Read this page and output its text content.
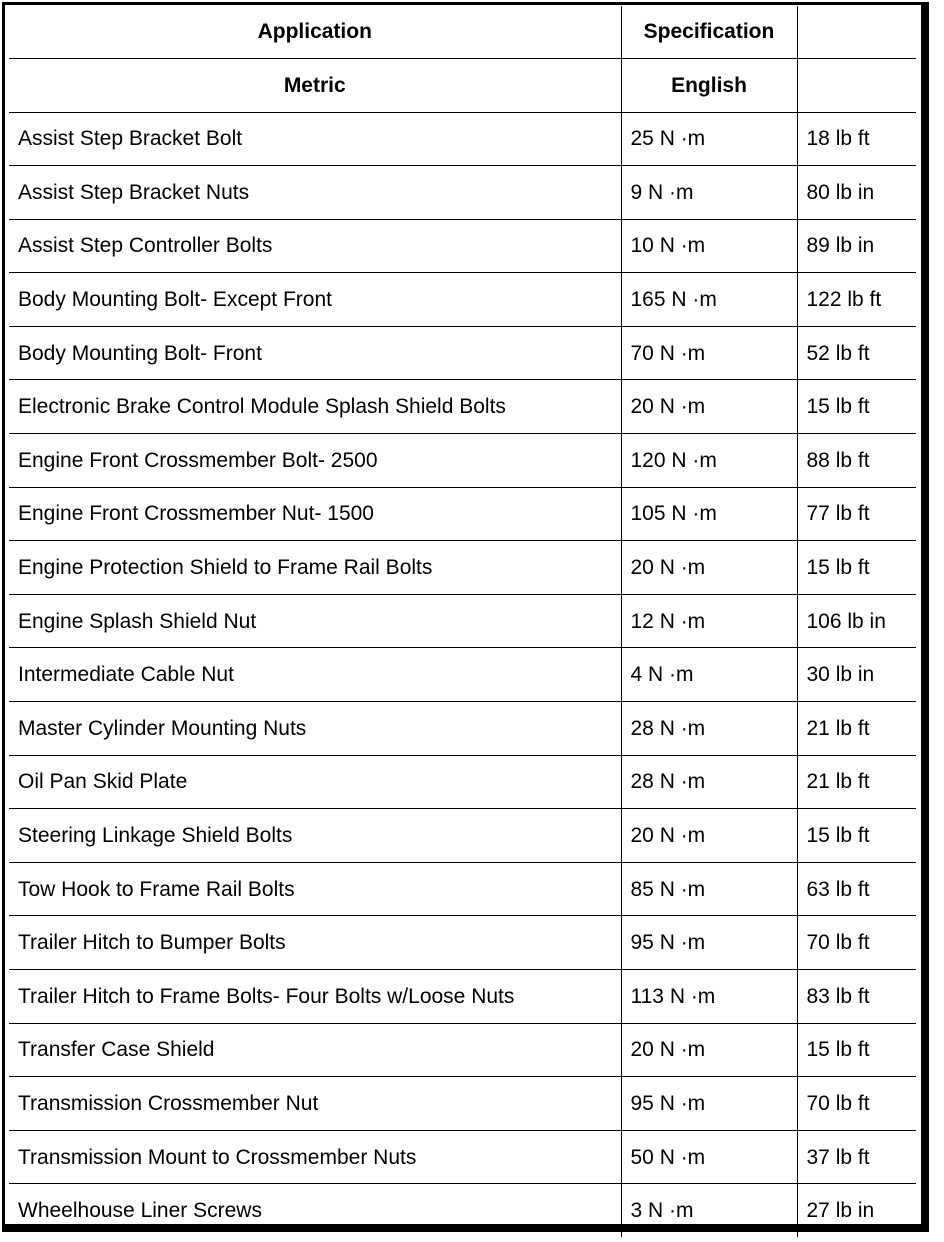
Application	Specification	
Metric	English	
Assist Step Bracket Bolt	25 N ·m	18 lb ft
Assist Step Bracket Nuts	9 N ·m	80 lb in
Assist Step Controller Bolts	10 N ·m	89 lb in
Body Mounting Bolt- Except Front	165 N ·m	122 lb ft
Body Mounting Bolt- Front	70 N ·m	52 lb ft
Electronic Brake Control Module Splash Shield Bolts	20 N ·m	15 lb ft
Engine Front Crossmember Bolt- 2500	120 N ·m	88 lb ft
Engine Front Crossmember Nut- 1500	105 N ·m	77 lb ft
Engine Protection Shield to Frame Rail Bolts	20 N ·m	15 lb ft
Engine Splash Shield Nut	12 N ·m	106 lb in
Intermediate Cable Nut	4 N ·m	30 lb in
Master Cylinder Mounting Nuts	28 N ·m	21 lb ft
Oil Pan Skid Plate	28 N ·m	21 lb ft
Steering Linkage Shield Bolts	20 N ·m	15 lb ft
Tow Hook to Frame Rail Bolts	85 N ·m	63 lb ft
Trailer Hitch to Bumper Bolts	95 N ·m	70 lb ft
Trailer Hitch to Frame Bolts- Four Bolts w/Loose Nuts	113 N ·m	83 lb ft
Transfer Case Shield	20 N ·m	15 lb ft
Transmission Crossmember Nut	95 N ·m	70 lb ft
Transmission Mount to Crossmember Nuts	50 N ·m	37 lb ft
Wheelhouse Liner Screws	3 N ·m	27 lb in
